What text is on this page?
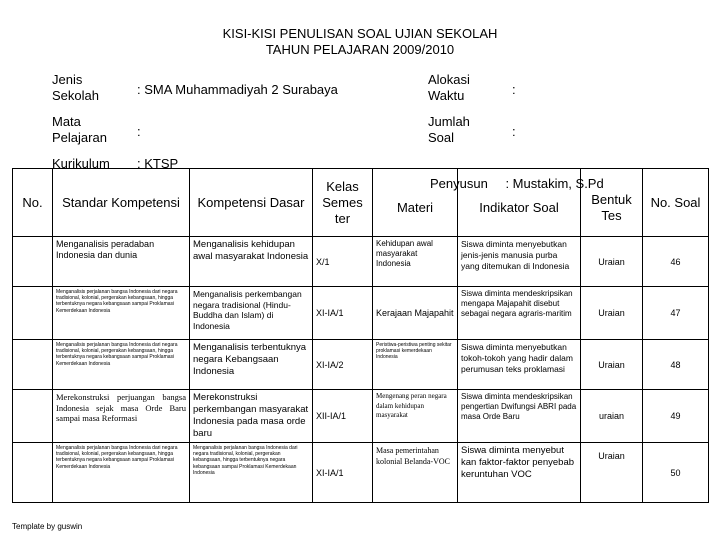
KISI-KISI PENULISAN SOAL UJIAN SEKOLAH
TAHUN PELAJARAN 2009/2010
Jenis
Sekolah	: SMA Muhammadiyah 2 Surabaya
Mata
Pelajaran :
Kurikulum : KTSP
Alokasi
Waktu	:
Jumlah
Soal	:
No.	Standar Kompetensi	Kompetensi Dasar	Kelas Semes ter	Materi	Indikator Soal	Bentuk Tes	No. Soal
	Menganalisis peradaban Indonesia dan dunia	Menganalisis kehidupan awal masyarakat Indonesia	X/1	Kehidupan awal masyarakat Indonesia	Siswa diminta menyebutkan jenis-jenis manusia purba yang ditemukan di Indonesia	Uraian	46
	Menganalisis perjalanan bangsa Indonesia dari negara tradisional, kolonial, pergerakan kebangsaan, hingga terbentuknya negara kebangsaan sampai Proklamasi Kemerdekaan Indonesia	Menganalisis perkembangan negara tradisional (Hindu-Buddha dan Islam) di Indonesia	XI-IA/1	Kerajaan Majapahit	Siswa diminta mendeskripsikan mengapa Majapahit disebut sebagai negara agraris-maritim	Uraian	47
	Menganalisis perjalanan bangsa Indonesia dari negara tradisional, kolonial, pergerakan kebangsaan, hingga terbentuknya negara kebangsaan sampai Proklamasi Kemerdekaan Indonesia	Menganalisis terbentuknya negara Kebangsaan Indonesia	XI-IA/2	Peristiwa-peristiwa penting sekitar proklamasi kemerdekaan Indonesia	Siswa diminta menyebutkan tokoh-tokoh yang hadir dalam perumusan teks proklamasi	Uraian	48
	Merekonstruksi perjuangan bangsa Indonesia sejak masa Orde Baru sampai masa Reformasi	Merekonstruksi perkembangan masyarakat Indonesia pada masa orde baru	XII-IA/1	Mengenang peran negara dalam kehidupan masyarakat	Siswa diminta mendeskripsikan pengertian Dwifungsi ABRI pada masa Orde Baru	uraian	49
	Menganalisis perjalanan bangsa Indonesia dari negara tradisional, kolonial, pergerakan kebangsaan, hingga terbentuknya negara kebangsaan sampai Proklamasi Kemerdekaan Indonesia	Menganalisis perjalanan bangsa Indonesia dari negara tradisional, kolonial, pergerakan kebangsaan, hingga terbentuknya negara kebangsaan sampai Proklamasi Kemerdekaan Indonesia	XI-IA/1	Masa pemerintahan kolonial Belanda-VOC	Siswa diminta menyebut kan faktor-faktor penyebab keruntuhan VOC	Uraian	50
Penyusun : Mustakim, S.Pd
Template by guswin
